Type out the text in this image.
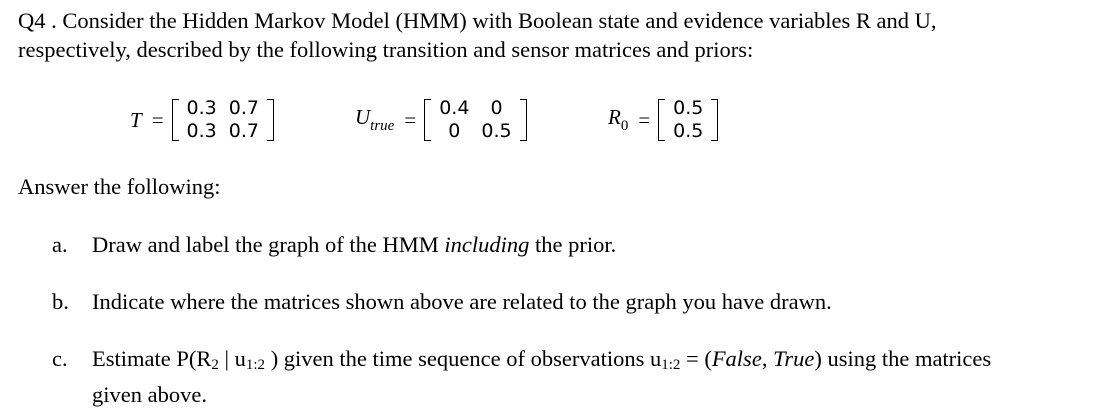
Q4 . Consider the Hidden Markov Model (HMM) with Boolean state and evidence variables R and U,
respectively, described by the following transition and sensor matrices and priors:

T = 0.3	0.7
0.3	0.7
$U_{true} = 0.4$	0
0	0.5
$R_0 = 0.5$
0.5

Answer the following:

a.	Draw and label the graph of the HMM including the prior.
b.	Indicate where the matrices shown above are related to the graph you have drawn.
c.	Estimate P(R2 | u1:2 ) given the time sequence of observations u1:2 = (False, True) using the matrices
given above.
